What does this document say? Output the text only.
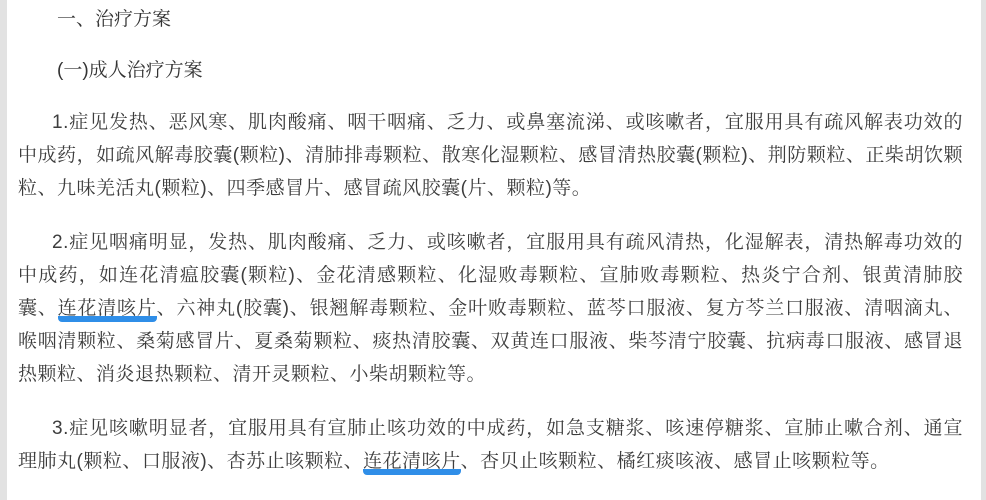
一、治疗方案
(一)成人治疗方案

1.症见发热、恶风寒、肌肉酸痛、咽干咽痛、乏力、或鼻塞流涕、或咳嗽者，宜服用具有疏风解表功效的中成药，如疏风解毒胶囊(颗粒)、清肺排毒颗粒、散寒化湿颗粒、感冒清热胶囊(颗粒)、荆防颗粒、正柴胡饮颗粒、九味羌活丸(颗粒)、四季感冒片、感冒疏风胶囊(片、颗粒)等。

2.症见咽痛明显，发热、肌肉酸痛、乏力、或咳嗽者，宜服用具有疏风清热，化湿解表，清热解毒功效的中成药，如连花清瘟胶囊(颗粒)、金花清感颗粒、化湿败毒颗粒、宣肺败毒颗粒、热炎宁合剂、银黄清肺胶囊、连花清咳片、六神丸(胶囊)、银翘解毒颗粒、金叶败毒颗粒、蓝芩口服液、复方芩兰口服液、清咽滴丸、喉咽清颗粒、桑菊感冒片、夏桑菊颗粒、痰热清胶囊、双黄连口服液、柴芩清宁胶囊、抗病毒口服液、感冒退热颗粒、消炎退热颗粒、清开灵颗粒、小柴胡颗粒等。

3.症见咳嗽明显者，宜服用具有宣肺止咳功效的中成药，如急支糖浆、咳速停糖浆、宣肺止嗽合剂、通宣理肺丸(颗粒、口服液)、杏苏止咳颗粒、连花清咳片、杏贝止咳颗粒、橘红痰咳液、感冒止咳颗粒等。
